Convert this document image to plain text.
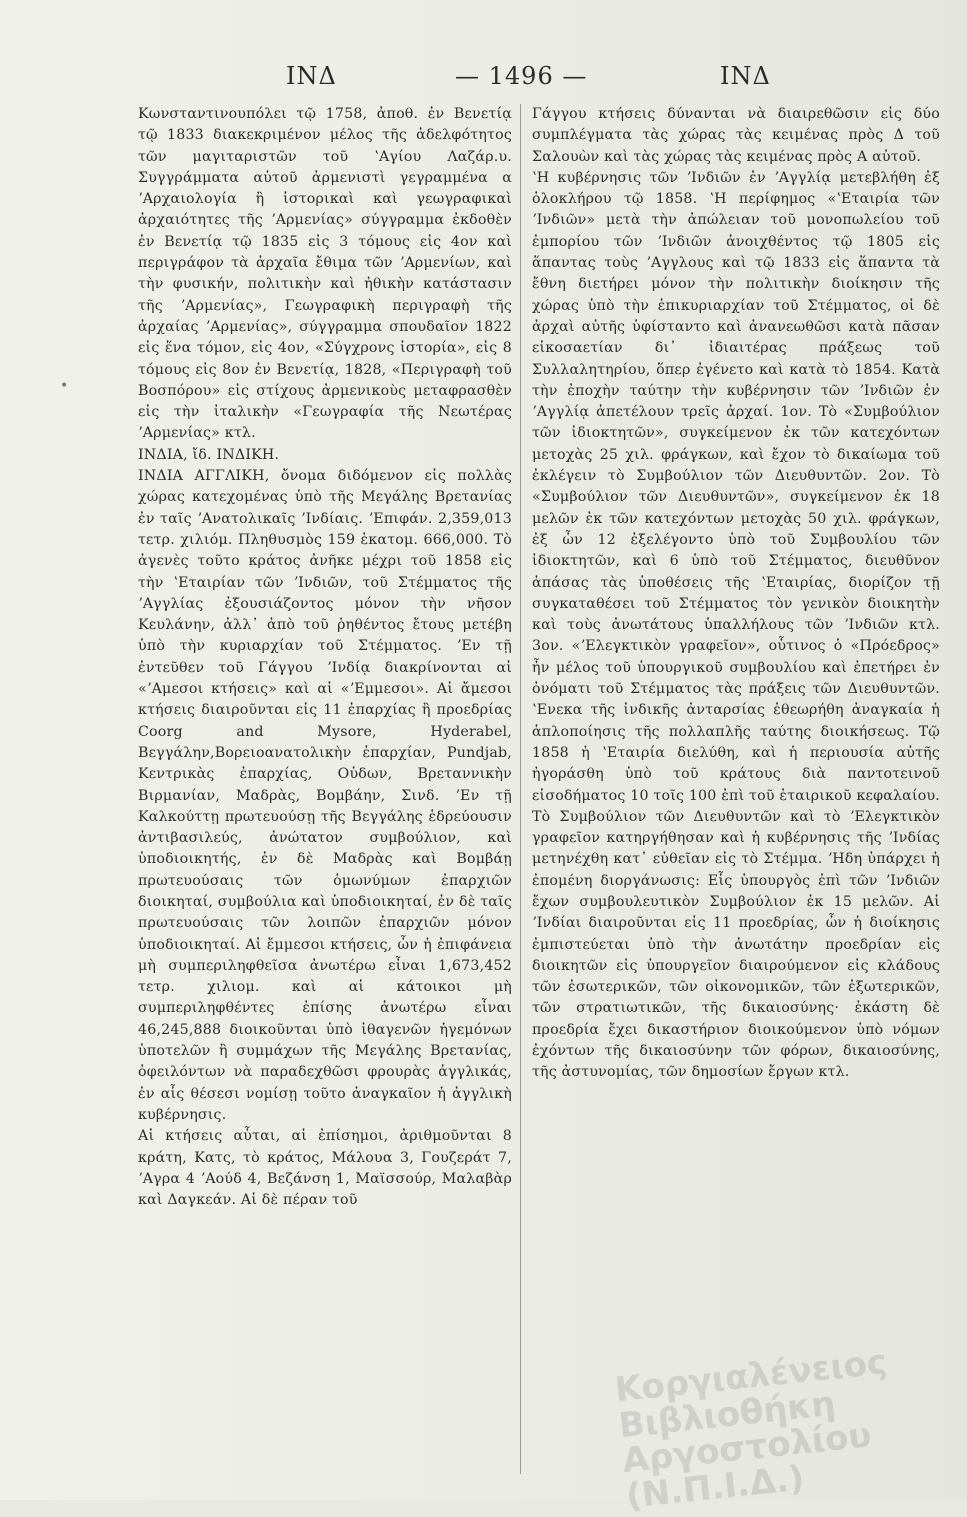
ΙΝΔ	— 1496 —	ΙΝΔ
•
Κωνσταντινουπόλει τῷ 1758, ἀποθ. ἐν Βενετίᾳ τῷ 1833 διακεκριμένον μέλος τῆς ἀδελφότητος τῶν μαγιταριστῶν τοῦ ʽΑγίου Λαζάρ.υ. Συγγράμματα αὐτοῦ ἀρμενιστὶ γεγραμμένα α ʼΑρχαιολογία ἢ ἱστορικαὶ καὶ γεωγραφικαὶ ἀρχαιότητες τῆς ʼΑρμενίας» σύγγραμμα ἐκδοθὲν ἐν Βενετίᾳ τῷ 1835 εἰς 3 τόμους εἰς 4ον καὶ περιγράφον τὰ ἀρχαῖα ἔθιμα τῶν ʼΑρμενίων, καὶ τὴν φυσικήν, πολιτικὴν καὶ ἠθικὴν κατάστασιν τῆς ʼΑρμενίας», Γεωγραφικὴ περιγραφὴ τῆς ἀρχαίας ʼΑρμενίας», σύγγραμμα σπουδαῖον 1822 εἰς ἕνα τόμον, εἰς 4ον, «Σύγχρονς ἱστορία», εἰς 8 τόμους εἰς 8ον ἐν Βενετίᾳ, 1828, «Περιγραφὴ τοῦ Βοσπόρου» εἰς στίχους ἀρμενικοὺς μεταφρασθὲν εἰς τὴν ἰταλικὴν «Γεωγραφία τῆς Νεωτέρας ʼΑρμενίας» κτλ.
ΙΝΔΙΑ, ἴδ. ΙΝΔΙΚΗ.
ΙΝΔΙΑ ΑΓΓΛΙΚΗ, ὄνομα διδόμενον εἰς πολλὰς χώρας κατεχομένας ὑπὸ τῆς Μεγάλης Βρετανίας ἐν ταῖς ʼΑνατολικαῖς ʼΙνδίαις. ʼΕπιφάν. 2,359,013 τετρ. χιλιόμ. Πληθυσμὸς 159 ἑκατομ. 666,000. Τὸ ἀγενὲς τοῦτο κράτος ἀνῆκε μέχρι τοῦ 1858 εἰς τὴν ʽΕταιρίαν τῶν ʼΙνδιῶν, τοῦ Στέμματος τῆς ʼΑγγλίας ἐξουσιάζοντος μόνον τὴν νῆσον Κευλάνην, ἀλλ᾽ ἀπὸ τοῦ ῥηθέντος ἔτους μετέβη ὑπὸ τὴν κυριαρχίαν τοῦ Στέμματος. ʼΕν τῇ ἐντεῦθεν τοῦ Γάγγου ʼΙνδίᾳ διακρίνονται αἱ «ʼΑμεσοι κτήσεις» καὶ αἱ «ʼΕμμεσοι». Αἱ ἄμεσοι κτήσεις διαιροῦνται εἰς 11 ἐπαρχίας ἢ προεδρίας Coorg and Mysore, Hyderabel, Βεγγάλην,Βορειοανατολικὴν ἐπαρχίαν, Pundjab, Κεντρικὰς ἐπαρχίας, Οὐδων, Βρεταννικὴν Βιρμανίαν, Μαδρὰς, Βομβάην, Σινδ. ʼΕν τῇ Καλκούττῃ πρωτευούσῃ τῆς Βεγγάλης ἑδρεύουσιν ἀντιβασιλεύς, ἀνώτατον συμβούλιον, καὶ ὑποδιοικητής, ἐν δὲ Μαδρὰς καὶ Βομβάῃ πρωτευούσαις τῶν ὁμωνύμων ἐπαρχιῶν διοικηταί, συμβούλια καὶ ὑποδιοικηταί, ἐν δὲ ταῖς πρωτευούσαις τῶν λοιπῶν ἐπαρχιῶν μόνον ὑποδιοικηταί. Αἱ ἔμμεσοι κτήσεις, ὧν ἡ ἐπιφάνεια μὴ συμπεριληφθεῖσα ἀνωτέρω εἶναι 1,673,452 τετρ. χιλιομ. καὶ αἱ κάτοικοι μὴ συμπεριληφθέντες ἐπίσης ἀνωτέρω εἶναι 46,245,888 διοικοῦνται ὑπὸ ἰθαγενῶν ἡγεμόνων ὑποτελῶν ἢ συμμάχων τῆς Μεγάλης Βρετανίας, ὀφειλόντων νὰ παραδεχθῶσι φρουρὰς ἀγγλικάς, ἐν αἷς θέσεσι νομίσῃ τοῦτο ἀναγκαῖον ἡ ἀγγλικὴ κυβέρνησις.
Αἱ κτήσεις αὗται, αἱ ἐπίσημοι, ἀριθμοῦνται 8 κράτη, Κατς, τὸ κράτος, Μάλουα 3, Γουζεράτ 7, ʼΑγρα 4 ʼΑούδ 4, Βεζάνση 1, Μαϊσσούρ, Μαλαβὰρ καὶ Δαγκεάν. Αἱ δὲ πέραν τοῦ
Γάγγου κτήσεις δύνανται νὰ διαιρεθῶσιν εἰς δύο συμπλέγματα τὰς χώρας τὰς κειμένας πρὸς Δ τοῦ Σαλουὼν καὶ τὰς χώρας τὰς κειμένας πρὸς Α αὐτοῦ.
ʽΗ κυβέρνησις τῶν ʼΙνδιῶν ἐν ʼΑγγλίᾳ μετεβλήθη ἐξ ὁλοκλήρου τῷ 1858. ʽΗ περίφημος «ʽΕταιρία τῶν ʼΙνδιῶν» μετὰ τὴν ἀπώλειαν τοῦ μονοπωλείου τοῦ ἐμπορίου τῶν ʼΙνδιῶν ἀνοιχθέντος τῷ 1805 εἰς ἅπαντας τοὺς ʼΑγγλους καὶ τῷ 1833 εἰς ἅπαντα τὰ ἔθνη διετήρει μόνον τὴν πολιτικὴν διοίκησιν τῆς χώρας ὑπὸ τὴν ἐπικυριαρχίαν τοῦ Στέμματος, οἱ δὲ ἀρχαὶ αὐτῆς ὑφίσταντο καὶ ἀνανεωθῶσι κατὰ πᾶσαν εἰκοσαετίαν δι᾽ ἰδιαιτέρας πράξεως τοῦ Συλλαλητηρίου, ὅπερ ἐγένετο καὶ κατὰ τὸ 1854. Κατὰ τὴν ἐποχὴν ταύτην τὴν κυβέρνησιν τῶν ʼΙνδιῶν ἐν ʼΑγγλίᾳ ἀπετέλουν τρεῖς ἀρχαί. 1ον. Τὸ «Συμβούλιον τῶν ἰδιοκτητῶν», συγκείμενον ἐκ τῶν κατεχόντων μετοχὰς 25 χιλ. φράγκων, καὶ ἔχον τὸ δικαίωμα τοῦ ἐκλέγειν τὸ Συμβούλιον τῶν Διευθυντῶν. 2ον. Τὸ «Συμβούλιον τῶν Διευθυντῶν», συγκείμενον ἐκ 18 μελῶν ἐκ τῶν κατεχόντων μετοχὰς 50 χιλ. φράγκων, ἐξ ὧν 12 ἐξελέγοντο ὑπὸ τοῦ Συμβουλίου τῶν ἰδιοκτητῶν, καὶ 6 ὑπὸ τοῦ Στέμματος, διευθῦνον ἁπάσας τὰς ὑποθέσεις τῆς ʽΕταιρίας, διορίζον τῇ συγκαταθέσει τοῦ Στέμματος τὸν γενικὸν διοικητὴν καὶ τοὺς ἀνωτάτους ὑπαλλήλους τῶν ʼΙνδιῶν κτλ. 3ον. «ʼΕλεγκτικὸν γραφεῖον», οὗτινος ὁ «Πρόεδρος» ἦν μέλος τοῦ ὑπουργικοῦ συμβουλίου καὶ ἐπετήρει ἐν ὀνόματι τοῦ Στέμματος τὰς πράξεις τῶν Διευθυντῶν. ʽΕνεκα τῆς ἰνδικῆς ἀνταρσίας ἐθεωρήθη ἀναγκαία ἡ ἁπλοποίησις τῆς πολλαπλῆς ταύτης διοικήσεως. Τῷ 1858 ἡ ʽΕταιρία διελύθη, καὶ ἡ περιουσία αὐτῆς ἠγοράσθη ὑπὸ τοῦ κράτους διὰ παντοτεινοῦ εἰσοδήματος 10 τοῖς 100 ἐπὶ τοῦ ἑταιρικοῦ κεφαλαίου. Τὸ Συμβούλιον τῶν Διευθυντῶν καὶ τὸ ʼΕλεγκτικὸν γραφεῖον κατηργήθησαν καὶ ἡ κυβέρνησις τῆς ʼΙνδίας μετηνέχθη κατ᾽ εὐθεῖαν εἰς τὸ Στέμμα. ʼΗδη ὑπάρχει ἡ ἐπομένη διοργάνωσις: Εἷς ὑπουργὸς ἐπὶ τῶν ʼΙνδιῶν ἔχων συμβουλευτικὸν Συμβούλιον ἐκ 15 μελῶν. Αἱ ʼΙνδίαι διαιροῦνται εἰς 11 προεδρίας, ὧν ἡ διοίκησις ἐμπιστεύεται ὑπὸ τὴν ἀνωτάτην προεδρίαν εἰς διοικητῶν εἰς ὑπουργεῖον διαιρούμενον εἰς κλάδους τῶν ἐσωτερικῶν, τῶν οἰκονομικῶν, τῶν ἐξωτερικῶν, τῶν στρατιωτικῶν, τῆς δικαιοσύνης· ἑκάστη δὲ προεδρία ἔχει δικαστήριον διοικούμενον ὑπὸ νόμων ἐχόντων τῆς δικαιοσύνην τῶν φόρων, δικαιοσύνης, τῆς ἀστυνομίας, τῶν δημοσίων ἔργων κτλ.
Κοργιαλένειος Βιβλιοθήκη
Αργοστολίου (Ν.Π.Ι.Δ.)
